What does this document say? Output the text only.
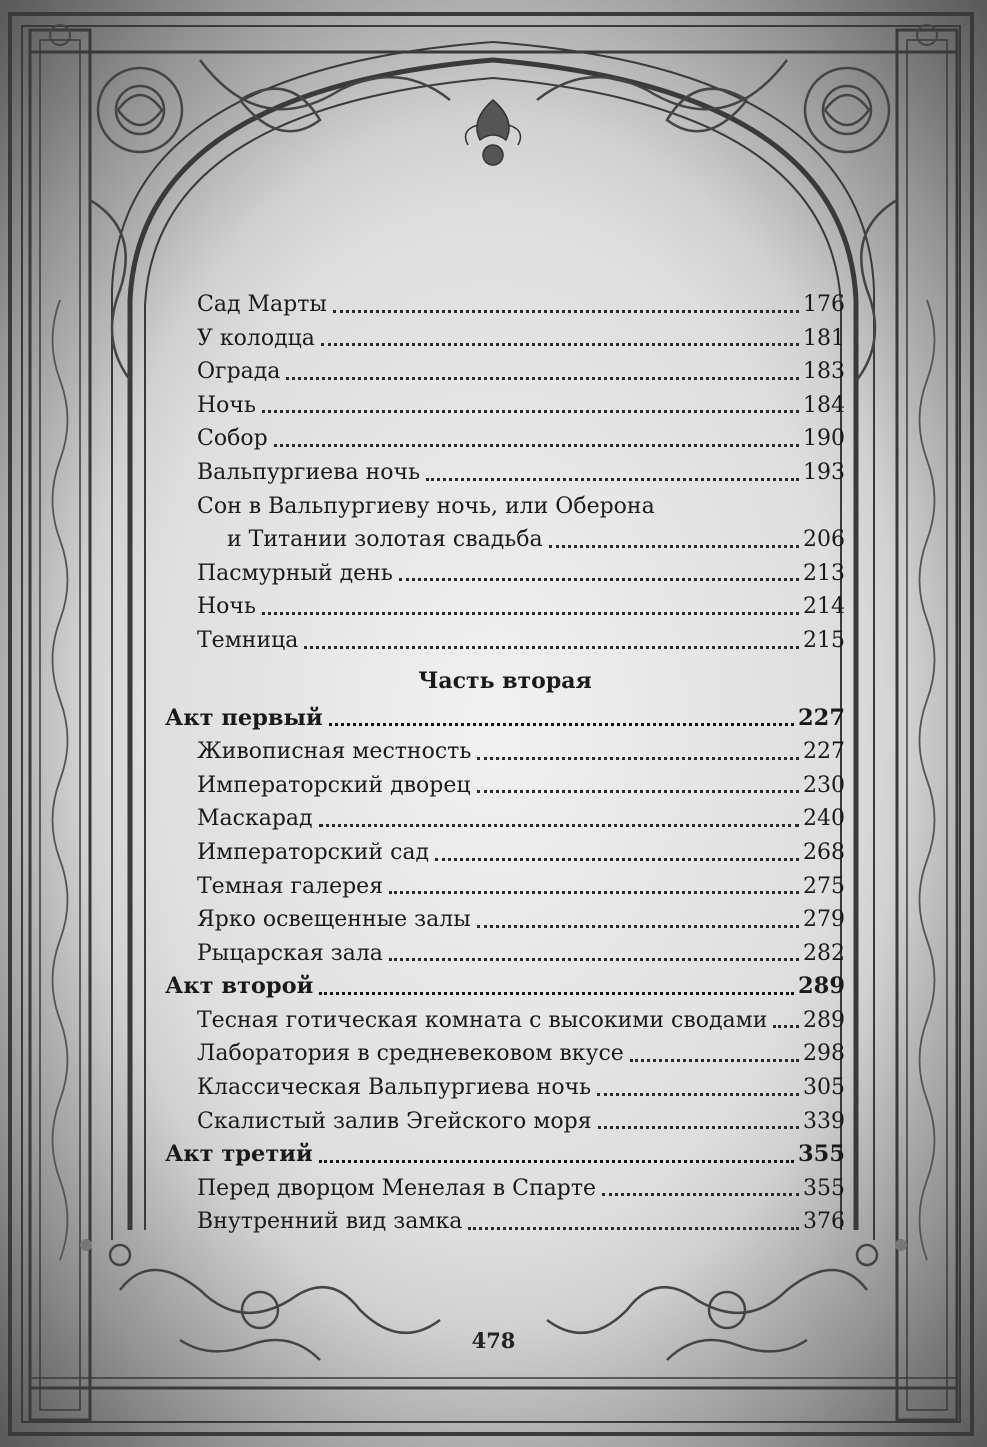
Сад Марты	176
У колодца	181
Ограда	183
Ночь	184
Собор	190
Вальпургиева ночь	193
Сон в Вальпургиеву ночь, или Оберона
и Титании золотая свадьба	206
Пасмурный день	213
Ночь	214
Темница	215
Часть вторая
Акт первый	227
Живописная местность	227
Императорский дворец	230
Маскарад	240
Императорский сад	268
Темная галерея	275
Ярко освещенные залы	279
Рыцарская зала	282
Акт второй	289
Тесная готическая комната с высокими сводами 289
Лаборатория в средневековом вкусе	298
Классическая Вальпургиева ночь	305
Скалистый залив Эгейского моря	339
Акт третий	355
Перед дворцом Менелая в Спарте	355
Внутренний вид замка	376
478
